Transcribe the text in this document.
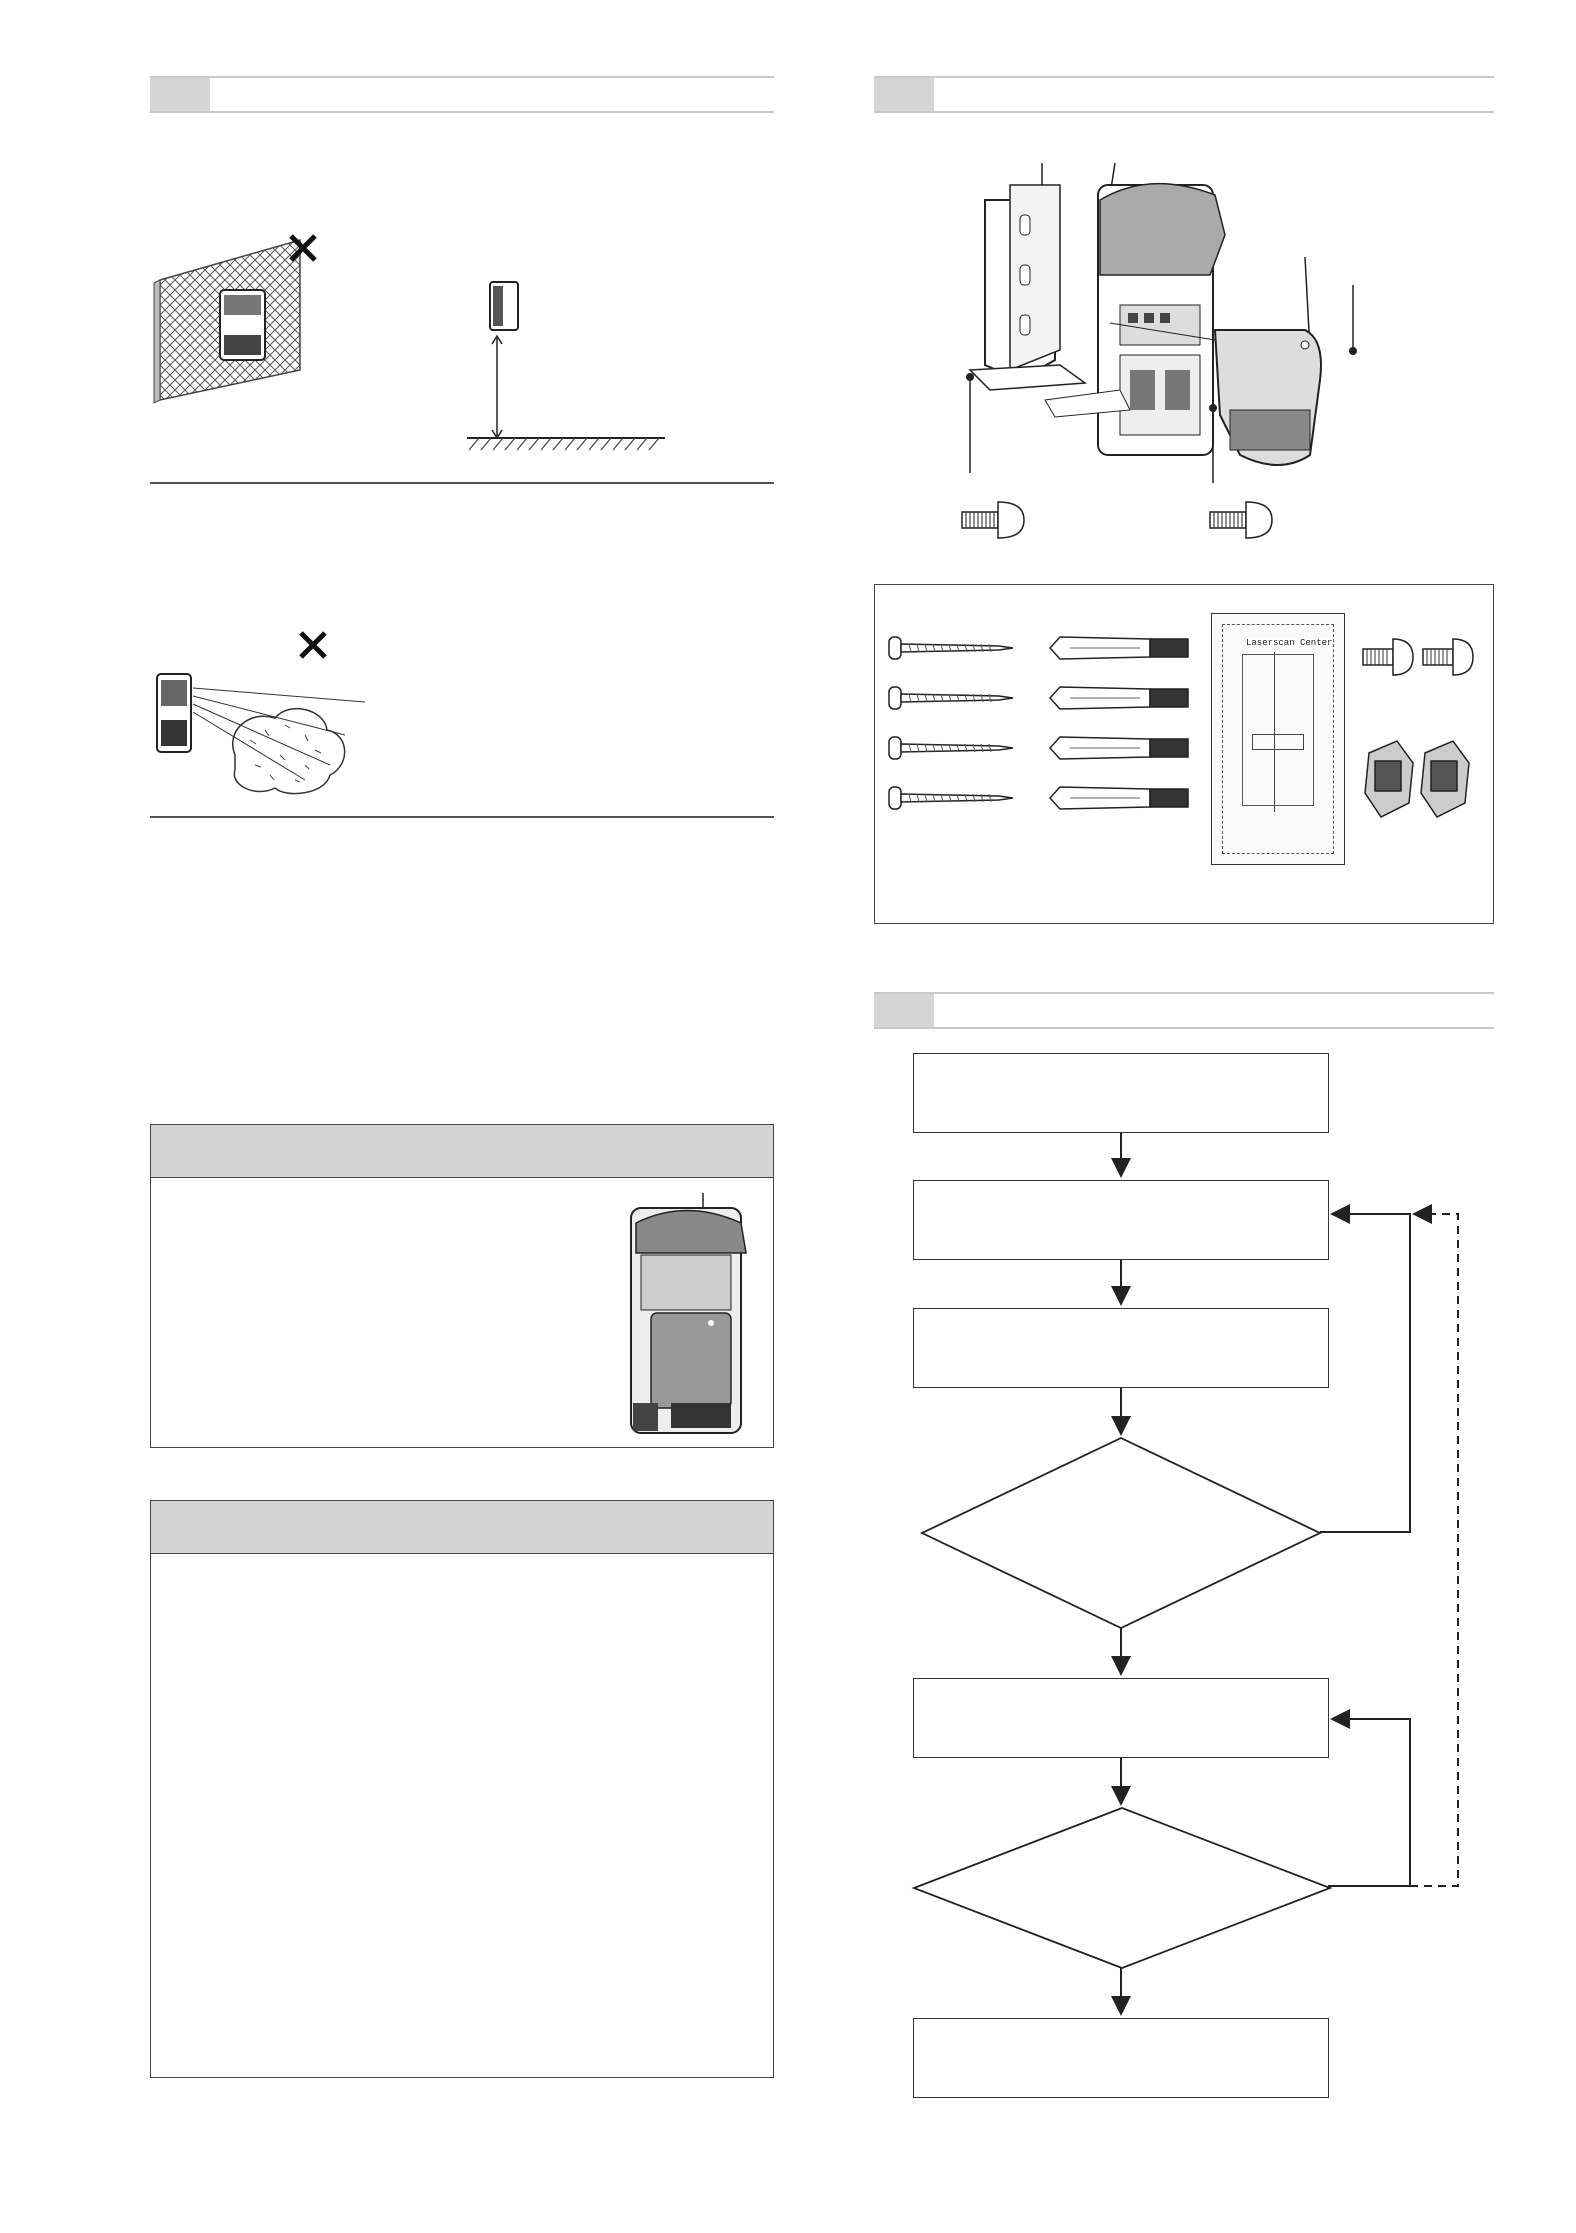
Laserscan Center
